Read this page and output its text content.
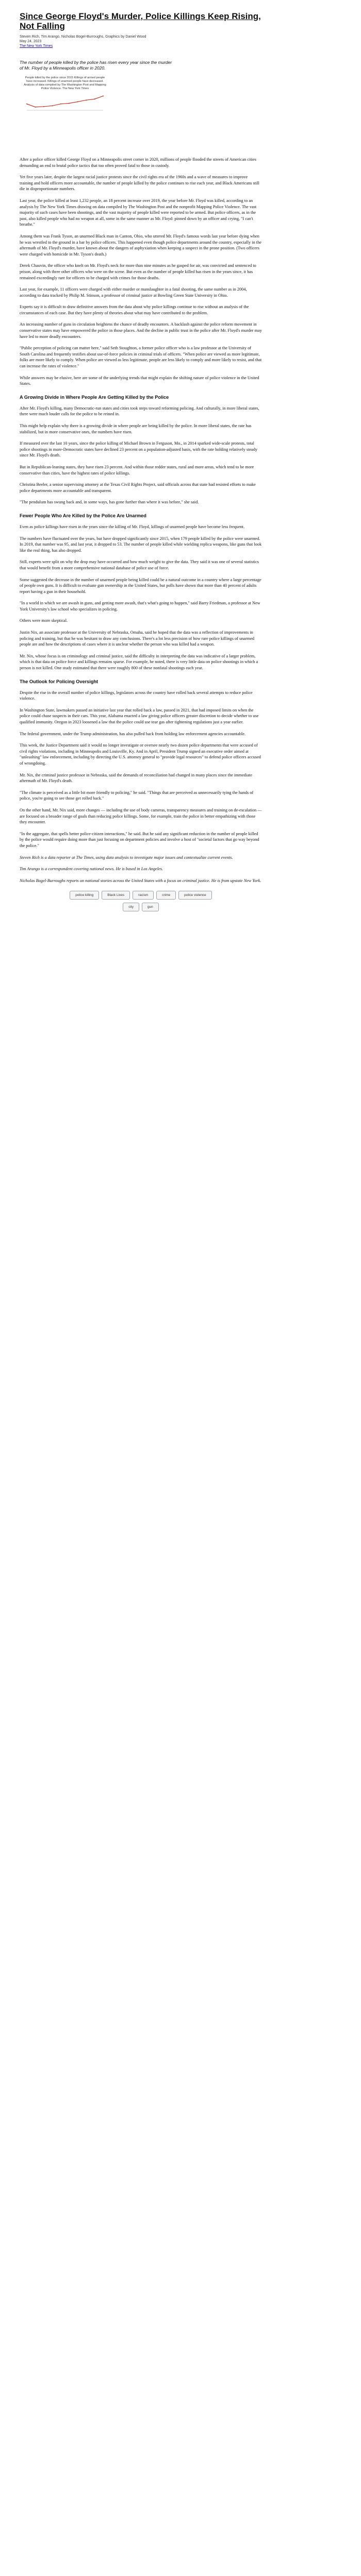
Since George Floyd's Murder, Police Killings Keep Rising, Not Falling
Steven Rich, Tim Arango, Nicholas Bogel-Burroughs, Graphics by Daniel Wood
May 24, 2023
The New York Times
The number of people killed by the police has risen every year since the murder of Mr. Floyd by a Minneapolis officer in 2020.
People killed by the police since 2015 Killings of armed people have increased. Killings of unarmed people have decreased. Analysis of data compiled by The Washington Post and Mapping Police Violence. The New York Times

After a police officer killed George Floyd on a Minneapolis street corner in 2020, millions of people flooded the streets of American cities demanding an end to brutal police tactics that too often proved fatal to those in custody.

Yet five years later, despite the largest racial justice protests since the civil rights era of the 1960s and a wave of measures to improve training and hold officers more accountable, the number of people killed by the police continues to rise each year, and Black Americans still die in disproportionate numbers.

Last year, the police killed at least 1,232 people, an 18 percent increase over 2019, the year before Mr. Floyd was killed, according to an analysis by The New York Times drawing on data compiled by The Washington Post and the nonprofit Mapping Police Violence. The vast majority of such cases have been shootings, and the vast majority of people killed were reported to be armed. But police officers, as in the past, also killed people who had no weapon at all, some in the same manner as Mr. Floyd: pinned down by an officer and crying, "I can't breathe."

Among them was Frank Tyson, an unarmed Black man in Canton, Ohio, who uttered Mr. Floyd's famous words last year before dying when he was wrestled to the ground in a bar by police officers. This happened even though police departments around the country, especially in the aftermath of Mr. Floyd's murder, have known about the dangers of asphyxiation when keeping a suspect in the prone position. (Two officers were charged with homicide in Mr. Tyson's death.)

Derek Chauvin, the officer who knelt on Mr. Floyd's neck for more than nine minutes as he gasped for air, was convicted and sentenced to prison, along with three other officers who were on the scene. But even as the number of people killed has risen in the years since, it has remained exceedingly rare for officers to be charged with crimes for those deaths.

Last year, for example, 11 officers were charged with either murder or manslaughter in a fatal shooting, the same number as in 2004, according to data tracked by Philip M. Stinson, a professor of criminal justice at Bowling Green State University in Ohio.

Experts say it is difficult to draw definitive answers from the data about why police killings continue to rise without an analysis of the circumstances of each case. But they have plenty of theories about what may have contributed to the problem.

An increasing number of guns in circulation heightens the chance of deadly encounters. A backlash against the police reform movement in conservative states may have empowered the police in those places. And the decline in public trust in the police after Mr. Floyd's murder may have led to more deadly encounters.

"Public perception of policing can matter here," said Seth Stoughton, a former police officer who is a law professor at the University of South Carolina and frequently testifies about use-of-force policies in criminal trials of officers. "When police are viewed as more legitimate, folks are more likely to comply. When police are viewed as less legitimate, people are less likely to comply and more likely to resist, and that can increase the rates of violence."

While answers may be elusive, here are some of the underlying trends that might explain the shifting nature of police violence in the United States.

A Growing Divide in Where People Are Getting Killed by the Police

After Mr. Floyd's killing, many Democratic-run states and cities took steps toward reforming policing. And culturally, in more liberal states, there were much louder calls for the police to be reined in.

This might help explain why there is a growing divide in where people are being killed by the police. In more liberal states, the rate has stabilized, but in more conservative ones, the numbers have risen.

If measured over the last 10 years, since the police killing of Michael Brown in Ferguson, Mo., in 2014 sparked wide-scale protests, total police shootings in more-Democratic states have declined 23 percent on a population-adjusted basis, with the rate holding relatively steady since Mr. Floyd's death.

But in Republican-leaning states, they have risen 23 percent. And within those redder states, rural and more areas, which tend to be more conservative than cities, have the highest rates of police killings.

Christina Beeler, a senior supervising attorney at the Texas Civil Rights Project, said officials across that state had resisted efforts to make police departments more accountable and transparent.

"The pendulum has swung back and, in some ways, has gone further than where it was before," she said.

Fewer People Who Are Killed by the Police Are Unarmed

Even as police killings have risen in the years since the killing of Mr. Floyd, killings of unarmed people have become less frequent.

The numbers have fluctuated over the years, but have dropped significantly since 2015, when 179 people killed by the police were unarmed. In 2019, that number was 95, and last year, it dropped to 53. The number of people killed while wielding replica weapons, like guns that look like the real thing, has also dropped.

Still, experts were split on why the drop may have occurred and how much weight to give the data. They said it was one of several statistics that would benefit from a more comprehensive national database of police use of force.

Some suggested the decrease in the number of unarmed people being killed could be a natural outcome in a country where a large percentage of people own guns. It is difficult to evaluate gun ownership in the United States, but polls have shown that more than 40 percent of adults report having a gun in their household.

"In a world in which we are awash in guns, and getting more awash, that's what's going to happen," said Barry Friedman, a professor at New York University's law school who specializes in policing.

Others were more skeptical.

Justin Nix, an associate professor at the University of Nebraska, Omaha, said he hoped that the data was a reflection of improvements in policing and training, but that he was hesitant to draw any conclusions. There's a lot less precision of how rare police killings of unarmed people are and how the descriptions of cases where it is unclear whether the person who was killed had a weapon.

Mr. Nix, whose focus is on criminology and criminal justice, said the difficulty in interpreting the data was indicative of a larger problem, which is that data on police force and killings remains sparse. For example, he noted, there is very little data on police shootings in which a person is not killed. One study estimated that there were roughly 800 of these nonfatal shootings each year.

The Outlook for Policing Oversight

Despite the rise in the overall number of police killings, legislators across the country have rolled back several attempts to reduce police violence.

In Washington State, lawmakers passed an initiative last year that rolled back a law, passed in 2021, that had imposed limits on when the police could chase suspects in their cars. This year, Alabama enacted a law giving police officers greater discretion to decide whether to use qualified immunity. Oregon in 2023 loosened a law that the police could use tear gas after tightening regulations just a year earlier.

The federal government, under the Trump administration, has also pulled back from holding law enforcement agencies accountable.

This week, the Justice Department said it would no longer investigate or oversee nearly two dozen police departments that were accused of civil rights violations, including in Minneapolis and Louisville, Ky. And in April, President Trump signed an executive order aimed at "unleashing" law enforcement, including by directing the U.S. attorney general to "provide legal resources" to defend police officers accused of wrongdoing.

Mr. Nix, the criminal justice professor in Nebraska, said the demands of reconciliation had changed in many places since the immediate aftermath of Mr. Floyd's death.

"The climate is perceived as a little bit more friendly to policing," he said. "Things that are perceived as unnecessarily tying the hands of police, you're going to see those get rolled back."

On the other hand, Mr. Nix said, more changes — including the use of body cameras, transparency measures and training on de-escalation — are focused on a broader range of goals than reducing police killings. Some, for example, train the police in better empathizing with those they encounter.

"In the aggregate, that spells better police-citizen interactions," he said. But he said any significant reduction in the number of people killed by the police would require doing more than just focusing on department policies and involve a host of "societal factors that go way beyond the police."

Steven Rich is a data reporter at The Times, using data analysis to investigate major issues and contextualize current events.

Tim Arango is a correspondent covering national news. He is based in Los Angeles.

Nicholas Bogel-Burroughs reports on national stories across the United States with a focus on criminal justice. He is from upstate New York.

police killing	Black Lives	racism	crime	police violence
city	gun
